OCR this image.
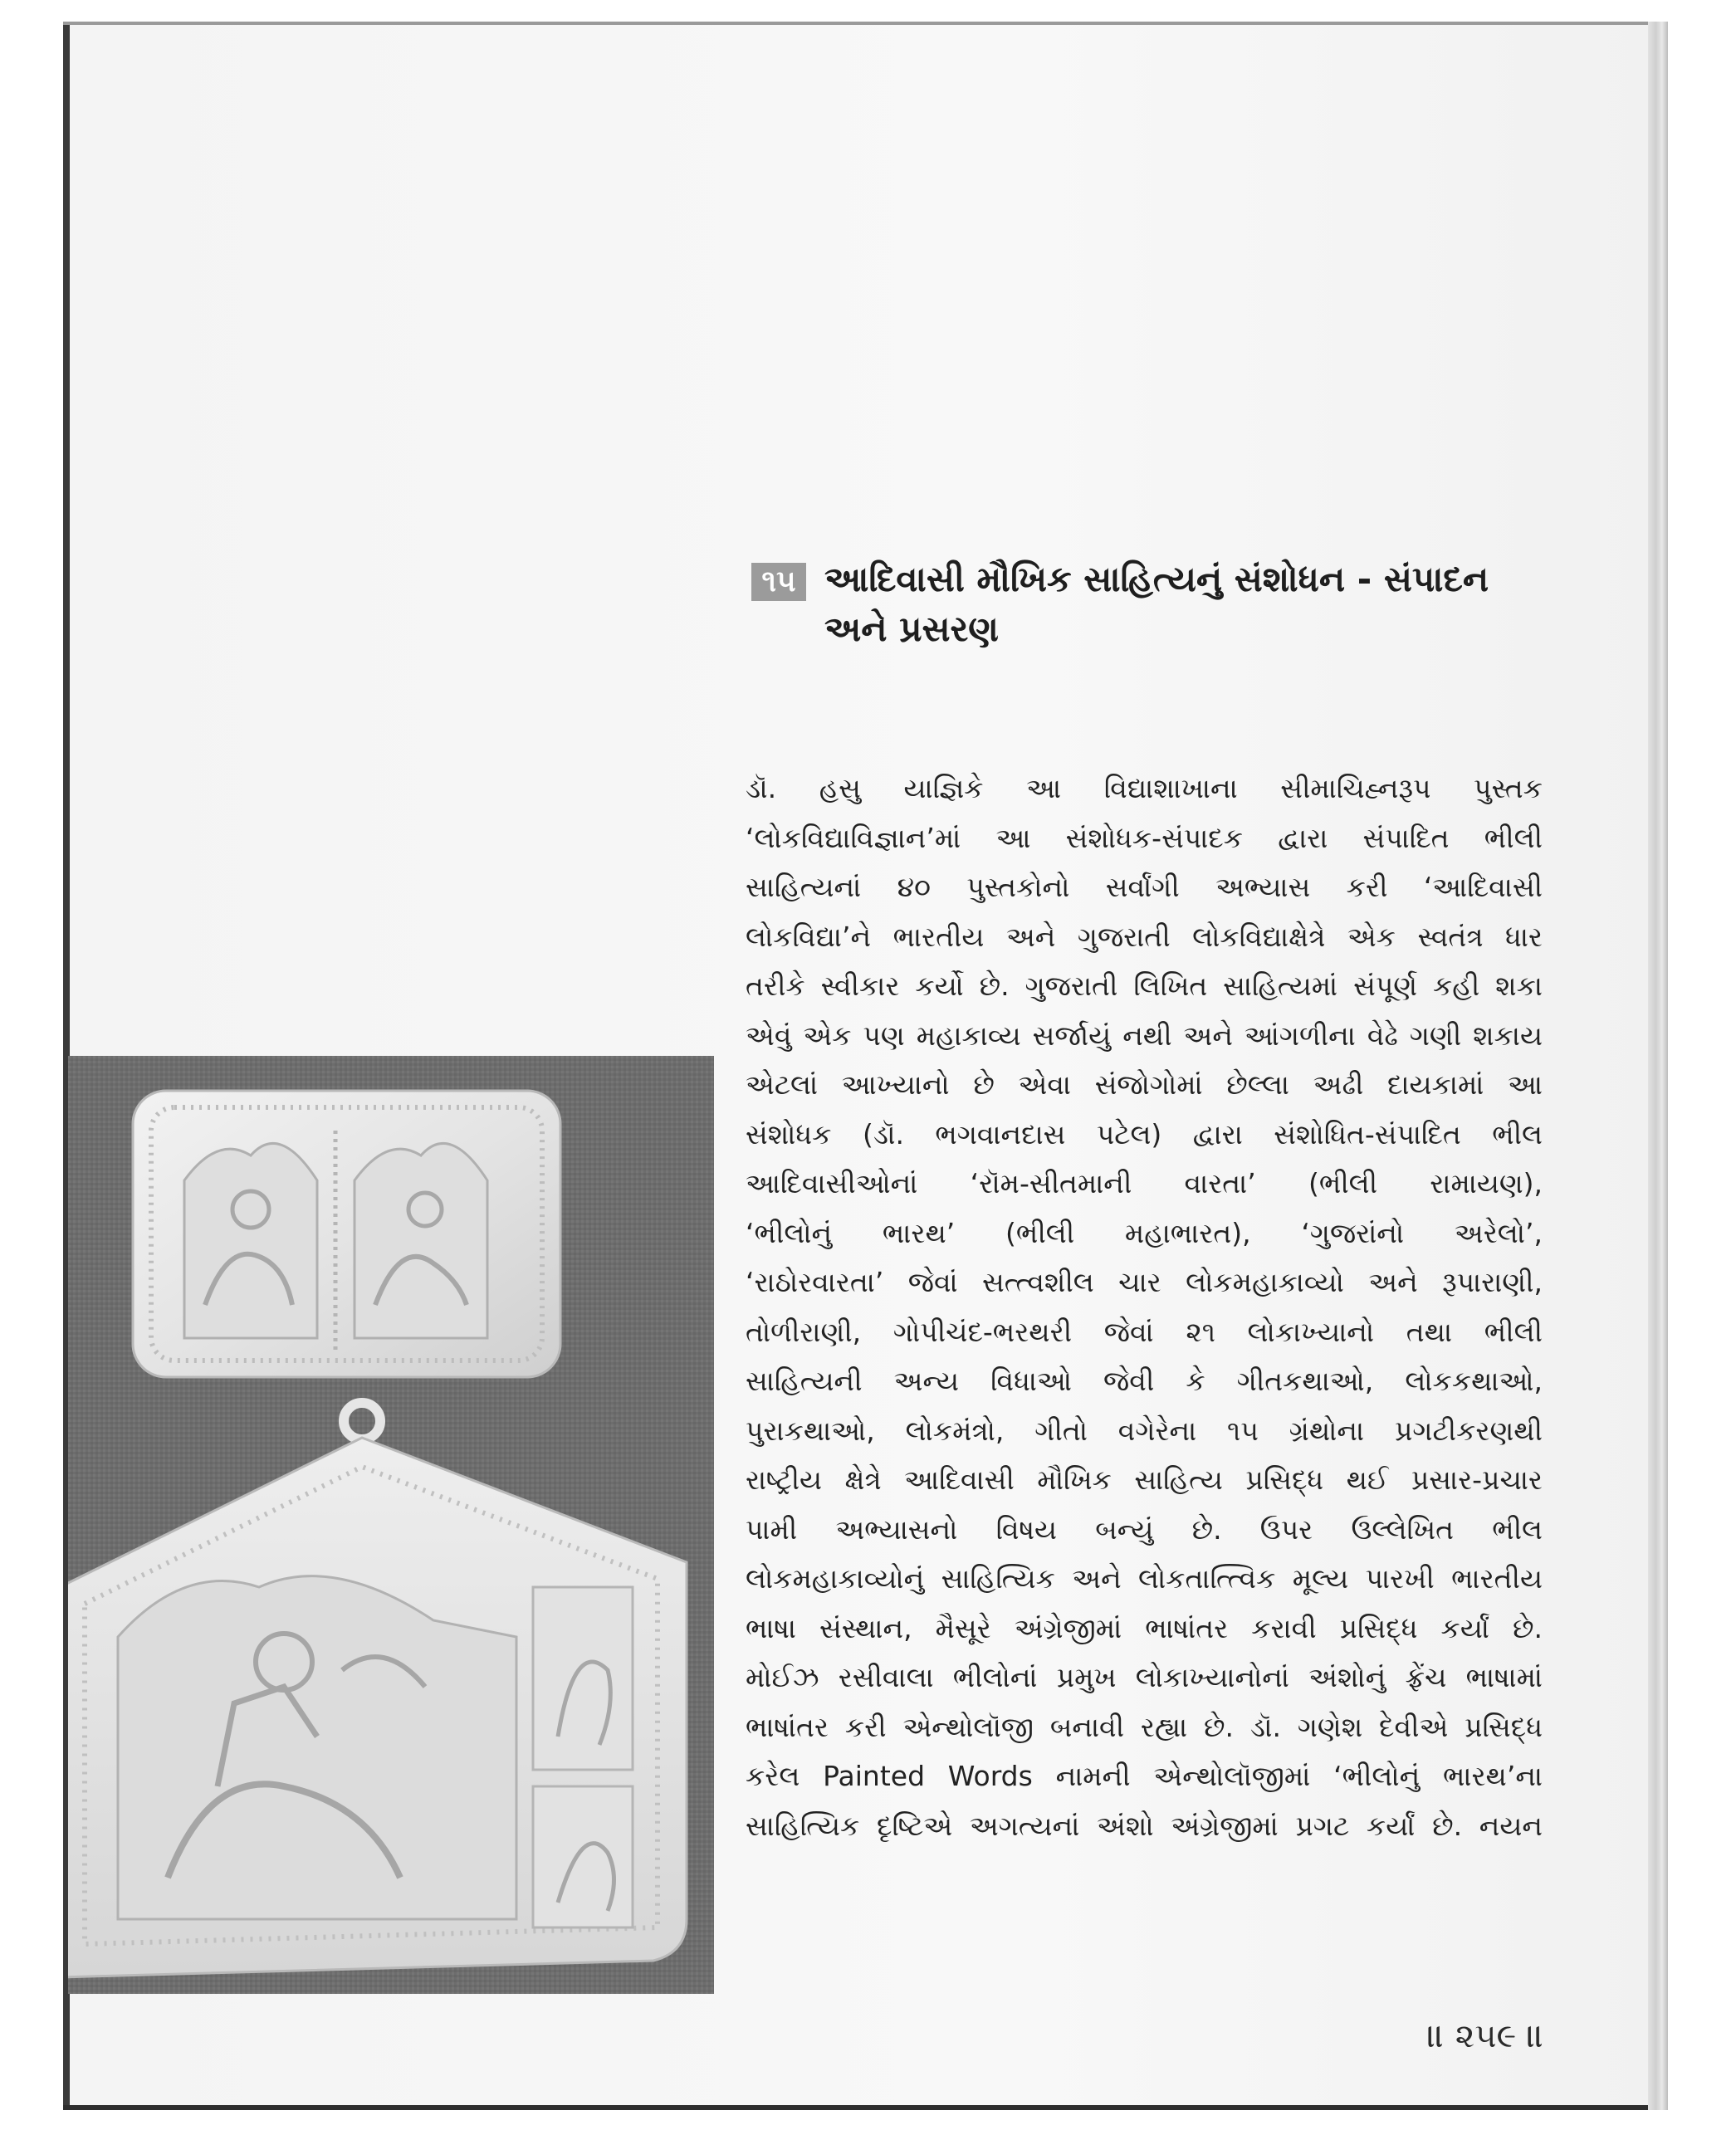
૧૫ આદિવાસી મૌખિક સાહિત્યનું સંશોધન - સંપાદન
અને પ્રસરણ
ડૉ. હસુ યાજ્ઞિકે આ વિદ્યાશાખાના સીમાચિહ્નરૂપ પુસ્તક
‘લોકવિદ્યાવિજ્ઞાન’માં આ સંશોધક-સંપાદક દ્વારા સંપાદિત ભીલી
સાહિત્યનાં ૪૦ પુસ્તકોનો સર્વાંગી અભ્યાસ કરી ‘આદિવાસી
લોકવિદ્યા’ને ભારતીય અને ગુજરાતી લોકવિદ્યાક્ષેત્રે એક સ્વતંત્ર ધાર
તરીકે સ્વીકાર કર્યો છે. ગુજરાતી લિખિત સાહિત્યમાં સંપૂર્ણ કહી શકા
એવું એક પણ મહાકાવ્ય સર્જાયું નથી અને આંગળીના વેઢે ગણી શકાય
એટલાં આખ્યાનો છે એવા સંજોગોમાં છેલ્લા અઢી દાયકામાં આ
સંશોધક (ડૉ. ભગવાનદાસ પટેલ) દ્વારા સંશોધિત-સંપાદિત ભીલ
આદિવાસીઓનાં ‘રૉમ-સીતમાની વારતા’ (ભીલી રામાયણ),
‘ભીલોનું ભારથ’ (ભીલી મહાભારત), ‘ગુજરાંનો અરેલો’,
‘રાઠોરવારતા’ જેવાં સત્ત્વશીલ ચાર લોકમહાકાવ્યો અને રૂપારાણી,
તોળીરાણી, ગોપીચંદ-ભરથરી જેવાં ૨૧ લોકાખ્યાનો તથા ભીલી
સાહિત્યની અન્ય વિધાઓ જેવી કે ગીતકથાઓ, લોકકથાઓ,
પુરાકથાઓ, લોકમંત્રો, ગીતો વગેરેના ૧૫ ગ્રંથોના પ્રગટીકરણથી
રાષ્ટ્રીય ક્ષેત્રે આદિવાસી મૌખિક સાહિત્ય પ્રસિદ્ધ થઈ પ્રસાર-પ્રચાર
પામી અભ્યાસનો વિષય બન્યું છે. ઉપર ઉલ્લેખિત ભીલ
લોકમહાકાવ્યોનું સાહિત્યિક અને લોકતાત્ત્વિક મૂલ્ય પારખી ભારતીય
ભાષા સંસ્થાન, મૈસૂરે અંગ્રેજીમાં ભાષાંતર કરાવી પ્રસિદ્ધ કર્યાં છે.
મોઈઝ રસીવાલા ભીલોનાં પ્રમુખ લોકાખ્યાનોનાં અંશોનું ફ્રેંચ ભાષામાં
ભાષાંતર કરી એન્થોલૉજી બનાવી રહ્યા છે. ડૉ. ગણેશ દેવીએ પ્રસિદ્ધ
કરેલ Painted Words નામની એન્થોલૉજીમાં ‘ભીલોનું ભારથ’ના
સાહિત્યિક દૃષ્ટિએ અગત્યનાં અંશો અંગ્રેજીમાં પ્રગટ કર્યાં છે. નયન
॥ ૨૫૯ ॥
